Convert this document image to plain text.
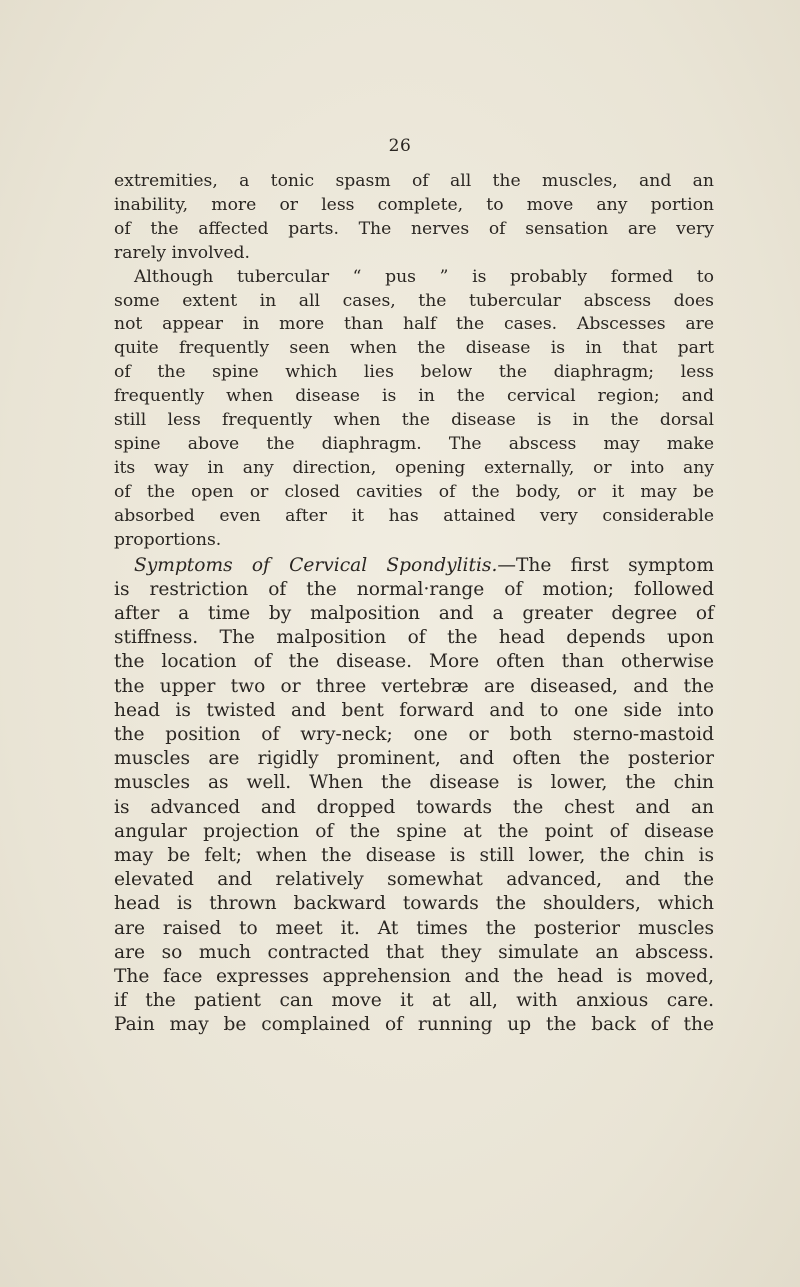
26
extremities, a tonic spasm of all the muscles, and an
inability, more or less complete, to move any portion
of the affected parts. The nerves of sensation are very
rarely involved.
Although tubercular “ pus ” is probably formed to
some extent in all cases, the tubercular abscess does
not appear in more than half the cases. Abscesses are
quite frequently seen when the disease is in that part
of the spine which lies below the diaphragm; less
frequently when disease is in the cervical region; and
still less frequently when the disease is in the dorsal
spine above the diaphragm. The abscess may make
its way in any direction, opening externally, or into any
of the open or closed cavities of the body, or it may be
absorbed even after it has attained very considerable
proportions.
Symptoms of Cervical Spondylitis.—The first symptom
is restriction of the normal·range of motion; followed
after a time by malposition and a greater degree of
stiffness. The malposition of the head depends upon
the location of the disease. More often than otherwise
the upper two or three vertebræ are diseased, and the
head is twisted and bent forward and to one side into
the position of wry-neck; one or both sterno-mastoid
muscles are rigidly prominent, and often the posterior
muscles as well. When the disease is lower, the chin
is advanced and dropped towards the chest and an
angular projection of the spine at the point of disease
may be felt; when the disease is still lower, the chin is
elevated and relatively somewhat advanced, and the
head is thrown backward towards the shoulders, which
are raised to meet it. At times the posterior muscles
are so much contracted that they simulate an abscess.
The face expresses apprehension and the head is moved,
if the patient can move it at all, with anxious care.
Pain may be complained of running up the back of the
